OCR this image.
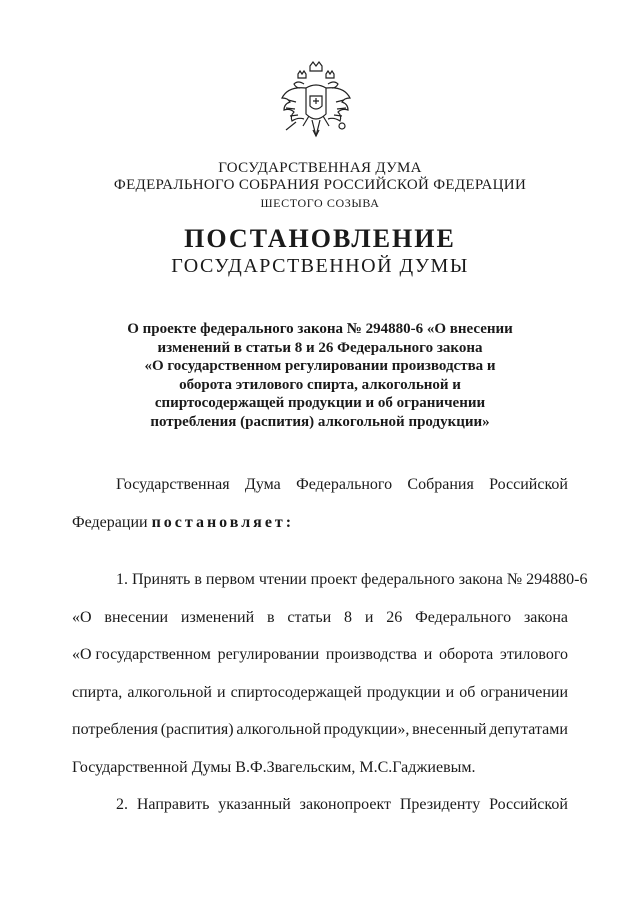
ГОСУДАРСТВЕННАЯ ДУМА
ФЕДЕРАЛЬНОГО СОБРАНИЯ РОССИЙСКОЙ ФЕДЕРАЦИИ
ШЕСТОГО СОЗЫВА
ПОСТАНОВЛЕНИЕ
ГОСУДАРСТВЕННОЙ ДУМЫ
О проекте федерального закона № 294880-6 «О внесении
изменений в статьи 8 и 26 Федерального закона
«О государственном регулировании производства и
оборота этилового спирта, алкогольной и
спиртосодержащей продукции и об ограничении
потребления (распития) алкогольной продукции»
Государственная Дума Федерального Собрания Российской
Федерации постановляет:
1. Принять в первом чтении проект федерального закона № 294880-6
«О внесении изменений в статьи 8 и 26 Федерального закона
«О государственном регулировании производства и оборота этилового
спирта, алкогольной и спиртосодержащей продукции и об ограничении
потребления (распития) алкогольной продукции», внесенный депутатами
Государственной Думы В.Ф.Звагельским, М.С.Гаджиевым.
2. Направить указанный законопроект Президенту Российской
